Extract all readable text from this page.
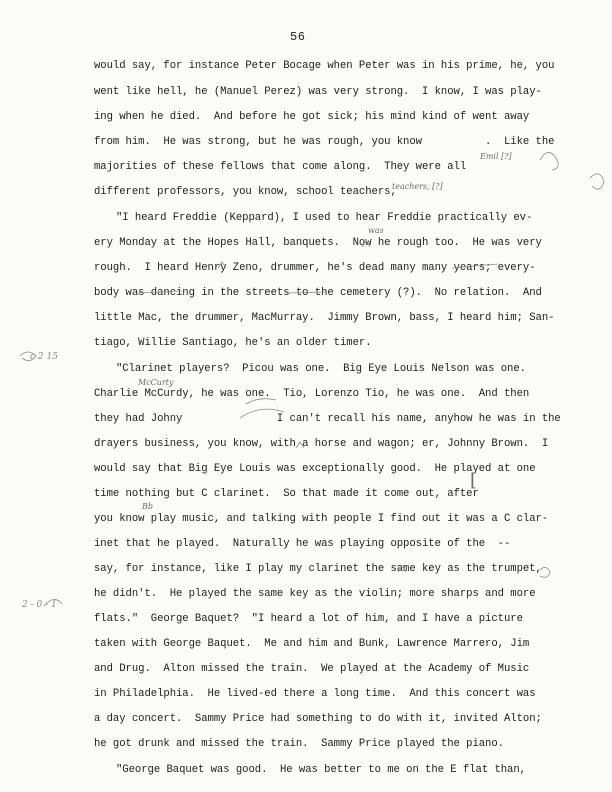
56
would say, for instance Peter Bocage when Peter was in his prime, he, you
went like hell, he (Manuel Perez) was very strong.  I know, I was play-
ing when he died.  And before he got sick; his mind kind of went away
from him.  He was strong, but he was rough, you know          .  Like the
majorities of these fellows that come along.  They were all
different professors, you know, school teachers,
"I heard Freddie (Keppard), I used to hear Freddie practically ev-
ery Monday at the Hopes Hall, banquets.  Now he rough too.  He was very
rough.  I heard Henry Zeno, drummer, he's dead many many years; every-
body was dancing in the streets to the cemetery (?).  No relation.  And
little Mac, the drummer, MacMurray.  Jimmy Brown, bass, I heard him; San-
tiago, Willie Santiago, he's an older timer.
"Clarinet players?  Picou was one.  Big Eye Louis Nelson was one.
Charlie McCurdy, he was one.  Tio, Lorenzo Tio, he was one.  And then
they had Johny               I can't recall his name, anyhow he was in the
drayers business, you know, with a horse and wagon; er, Johnny Brown.  I
would say that Big Eye Louis was exceptionally good.  He played at one
time nothing but C clarinet.  So that made it come out, after
you know play music, and talking with people I find out it was a C clar-
inet that he played.  Naturally he was playing opposite of the  --
say, for instance, like I play my clarinet the same key as the trumpet,
he didn't.  He played the same key as the violin; more sharps and more
flats."  George Baquet?  "I heard a lot of him, and I have a picture
taken with George Baquet.  Me and him and Bunk, Lawrence Marrero, Jim
and Drug.  Alton missed the train.  We played at the Academy of Music
in Philadelphia.  He lived-ed there a long time.  And this concert was
a day concert.  Sammy Price had something to do with it, invited Alton;
he got drunk and missed the train.  Sammy Price played the piano.
"George Baquet was good.  He was better to me on the E flat than,
was
McCurty
Bb
[
c 2 15
2 - 0 - 1
Emil [?]
teachers, [?]
